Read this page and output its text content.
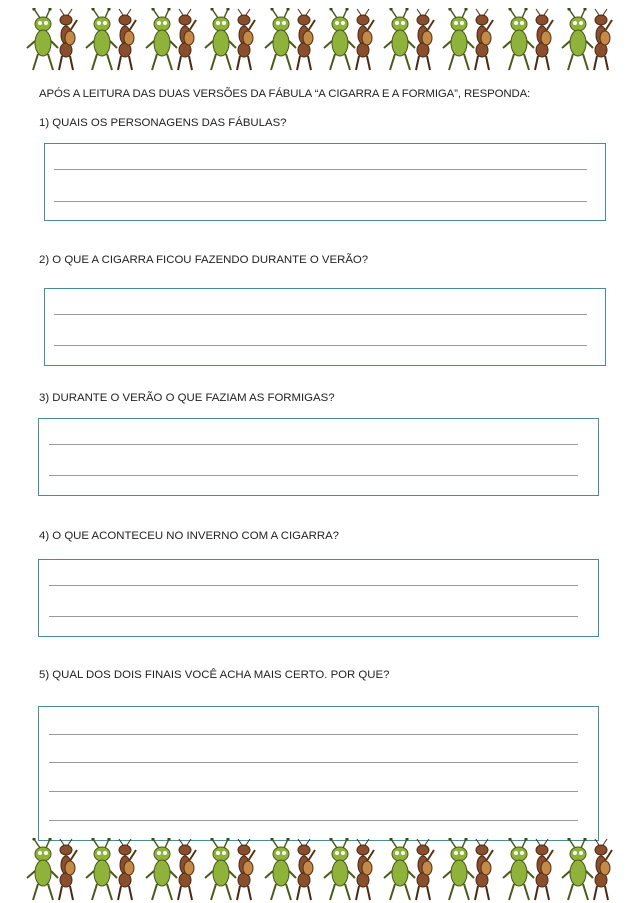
APÓS A LEITURA DAS DUAS VERSÕES DA FÁBULA “A CIGARRA E A FORMIGA”, RESPONDA:
1) QUAIS OS PERSONAGENS DAS FÁBULAS?
2) O QUE A CIGARRA FICOU FAZENDO DURANTE O VERÃO?
3) DURANTE O VERÃO O QUE FAZIAM AS FORMIGAS?
4) O QUE ACONTECEU NO INVERNO COM A CIGARRA?
5) QUAL DOS DOIS FINAIS VOCÊ ACHA MAIS CERTO. POR QUE?
